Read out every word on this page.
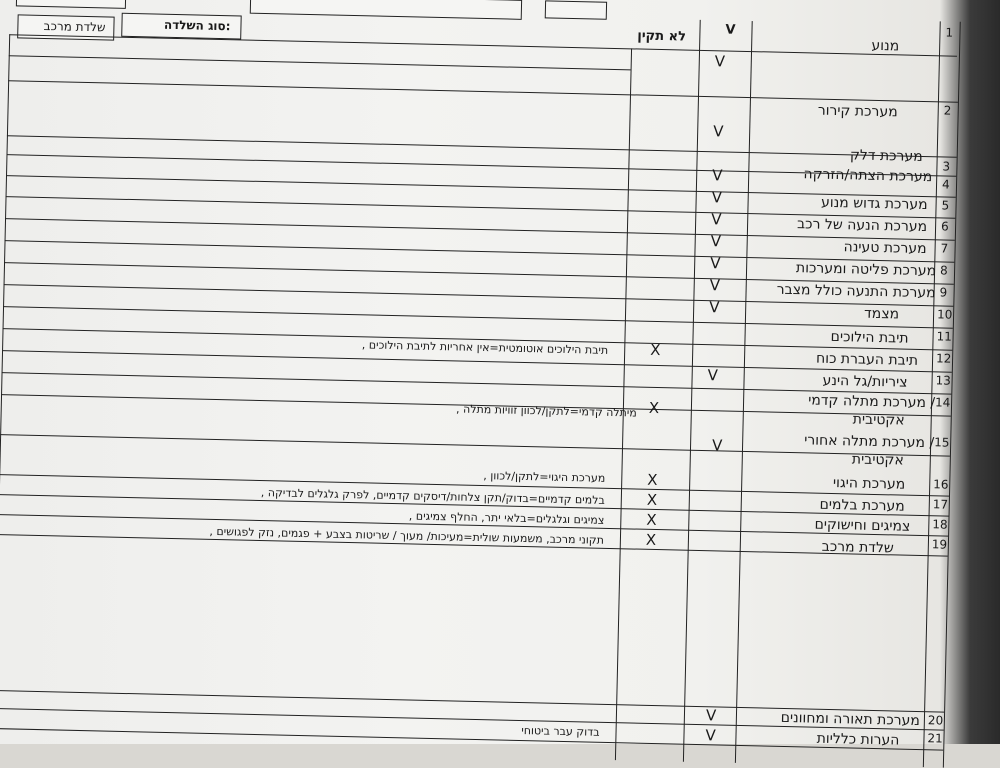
שלדת מרכב	:סוג השלדה	V
לא תקין
מנוע
1
V
2
מערכת קירור
V
3
מערכת דלק
4
מערכת הצתה/הזרקה
V
5
מערכת גדוש מנוע
V
6
מערכת הנעה של רכב
V
7
מערכת טעינה
V
8
מערכת פליטה ומערכות
V
9
מערכת התנעה כולל מצבר
V
10
מצמד
V
11
תיבת הילוכים
12
תיבת העברת כוח
X
תיבת הילוכים אוטומטית=אין אחריות לתיבת הילוכים ,
13
ציריות/גל הינע
V
14
/ מערכת מתלה קדמי
אקטיבית
X
מיתלה קדמי=לתקן/לכוון זוויות מתלה ,
15
/ מערכת מתלה אחורי
אקטיבית
V
16
מערכת היגוי
X
מערכת היגוי=לתקן/לכוון ,
17
מערכת בלמים
X
בלמים קדמיים=בדוק/תקן צלחות/דיסקים קדמיים, לפרק גלגלים לבדיקה ,
18
צמיגים וחישוקים
X
צמיגים וגלגלים=בלאי יתר, החלף צמיגים ,
19
שלדת מרכב
X
תקוני מרכב, משמעות שולית=מעיכות/ מעוך / שריטות בצבע + פגמים, נזק לפגושים ,
20
מערכת תאורה ומחוונים
V
21
הערות כלליות
V
בדוק עבר ביטוחי
